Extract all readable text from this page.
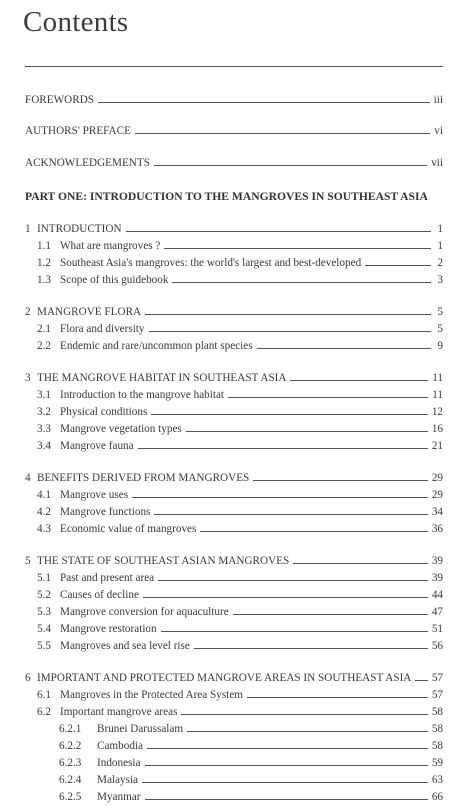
Contents
FOREWORDS	iii
AUTHORS' PREFACE	vi
ACKNOWLEDGEMENTS	vii
PART ONE: INTRODUCTION TO THE MANGROVES IN SOUTHEAST ASIA
1 INTRODUCTION	1
1.1 What are mangroves ?	1
1.2 Southeast Asia's mangroves: the world's largest and best-developed	2
1.3 Scope of this guidebook	3
2 MANGROVE FLORA	5
2.1 Flora and diversity	5
2.2 Endemic and rare/uncommon plant species	9
3 THE MANGROVE HABITAT IN SOUTHEAST ASIA	11
3.1 Introduction to the mangrove habitat	11
3.2 Physical conditions	12
3.3 Mangrove vegetation types	16
3.4 Mangrove fauna	21
4 BENEFITS DERIVED FROM MANGROVES	29
4.1 Mangrove uses	29
4.2 Mangrove functions	34
4.3 Economic value of mangroves	36
5 THE STATE OF SOUTHEAST ASIAN MANGROVES	39
5.1 Past and present area	39
5.2 Causes of decline	44
5.3 Mangrove conversion for aquaculture	47
5.4 Mangrove restoration	51
5.5 Mangroves and sea level rise	56
6 IMPORTANT AND PROTECTED MANGROVE AREAS IN SOUTHEAST ASIA 57
6.1 Mangroves in the Protected Area System	57
6.2 Important mangrove areas	58
6.2.1	Brunei Darussalam	58
6.2.2	Cambodia	58
6.2.3	Indonesia	59
6.2.4	Malaysia	63
6.2.5	Myanmar	66
